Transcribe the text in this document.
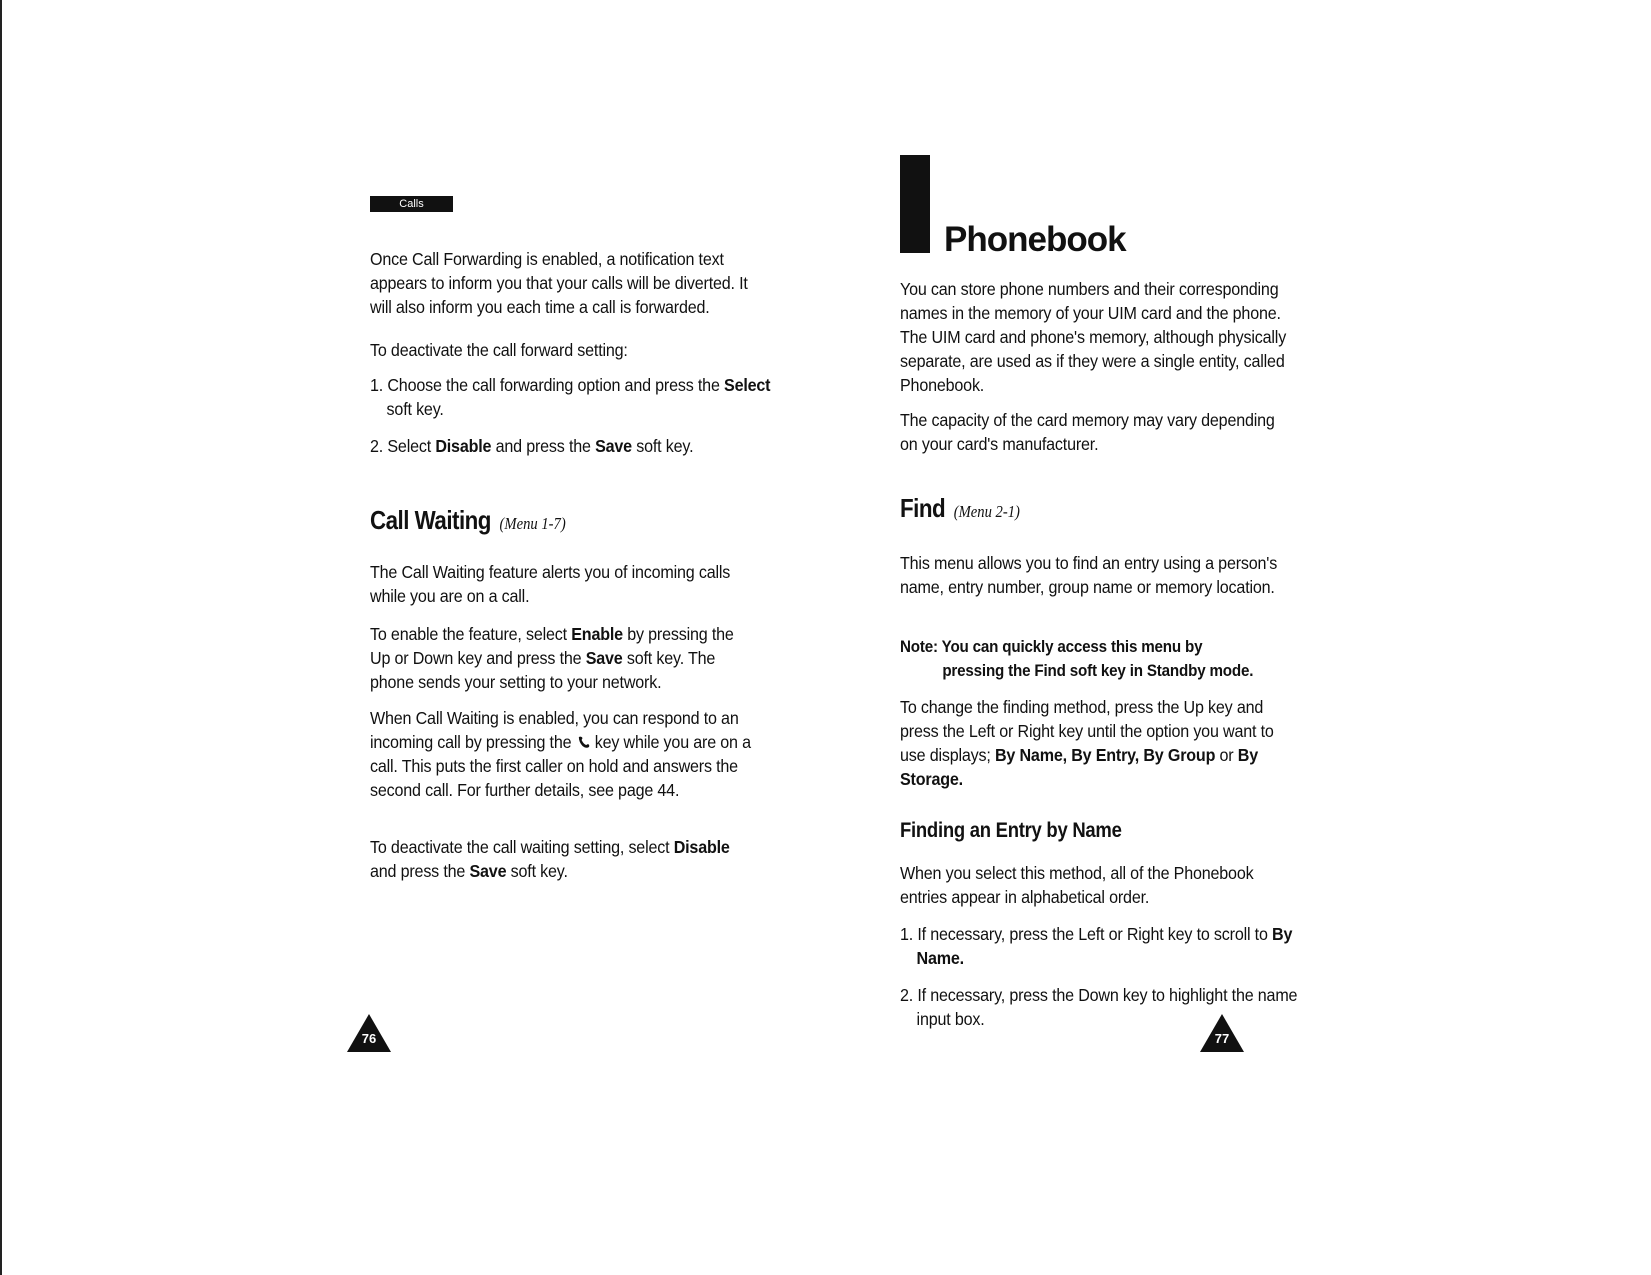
Calls

Once Call Forwarding is enabled, a notification text appears to inform you that your calls will be diverted. It will also inform you each time a call is forwarded.

To deactivate the call forward setting:

1. Choose the call forwarding option and press the Select soft key.

2. Select Disable and press the Save soft key.

Call Waiting (Menu 1-7)

The Call Waiting feature alerts you of incoming calls while you are on a call.

To enable the feature, select Enable by pressing the Up or Down key and press the Save soft key. The phone sends your setting to your network.

When Call Waiting is enabled, you can respond to an incoming call by pressing the key while you are on a call. This puts the first caller on hold and answers the second call. For further details, see page 44.

To deactivate the call waiting setting, select Disable and press the Save soft key.

76
Phonebook

You can store phone numbers and their corresponding names in the memory of your UIM card and the phone. The UIM card and phone's memory, although physically separate, are used as if they were a single entity, called Phonebook.

The capacity of the card memory may vary depending on your card's manufacturer.

Find (Menu 2-1)

This menu allows you to find an entry using a person's name, entry number, group name or memory location.

Note: You can quickly access this menu by

pressing the Find soft key in Standby mode.

To change the finding method, press the Up key and press the Left or Right key until the option you want to use displays; By Name, By Entry, By Group or By Storage.

Finding an Entry by Name

When you select this method, all of the Phonebook entries appear in alphabetical order.

1. If necessary, press the Left or Right key to scroll to By Name.

2. If necessary, press the Down key to highlight the name input box.

77
